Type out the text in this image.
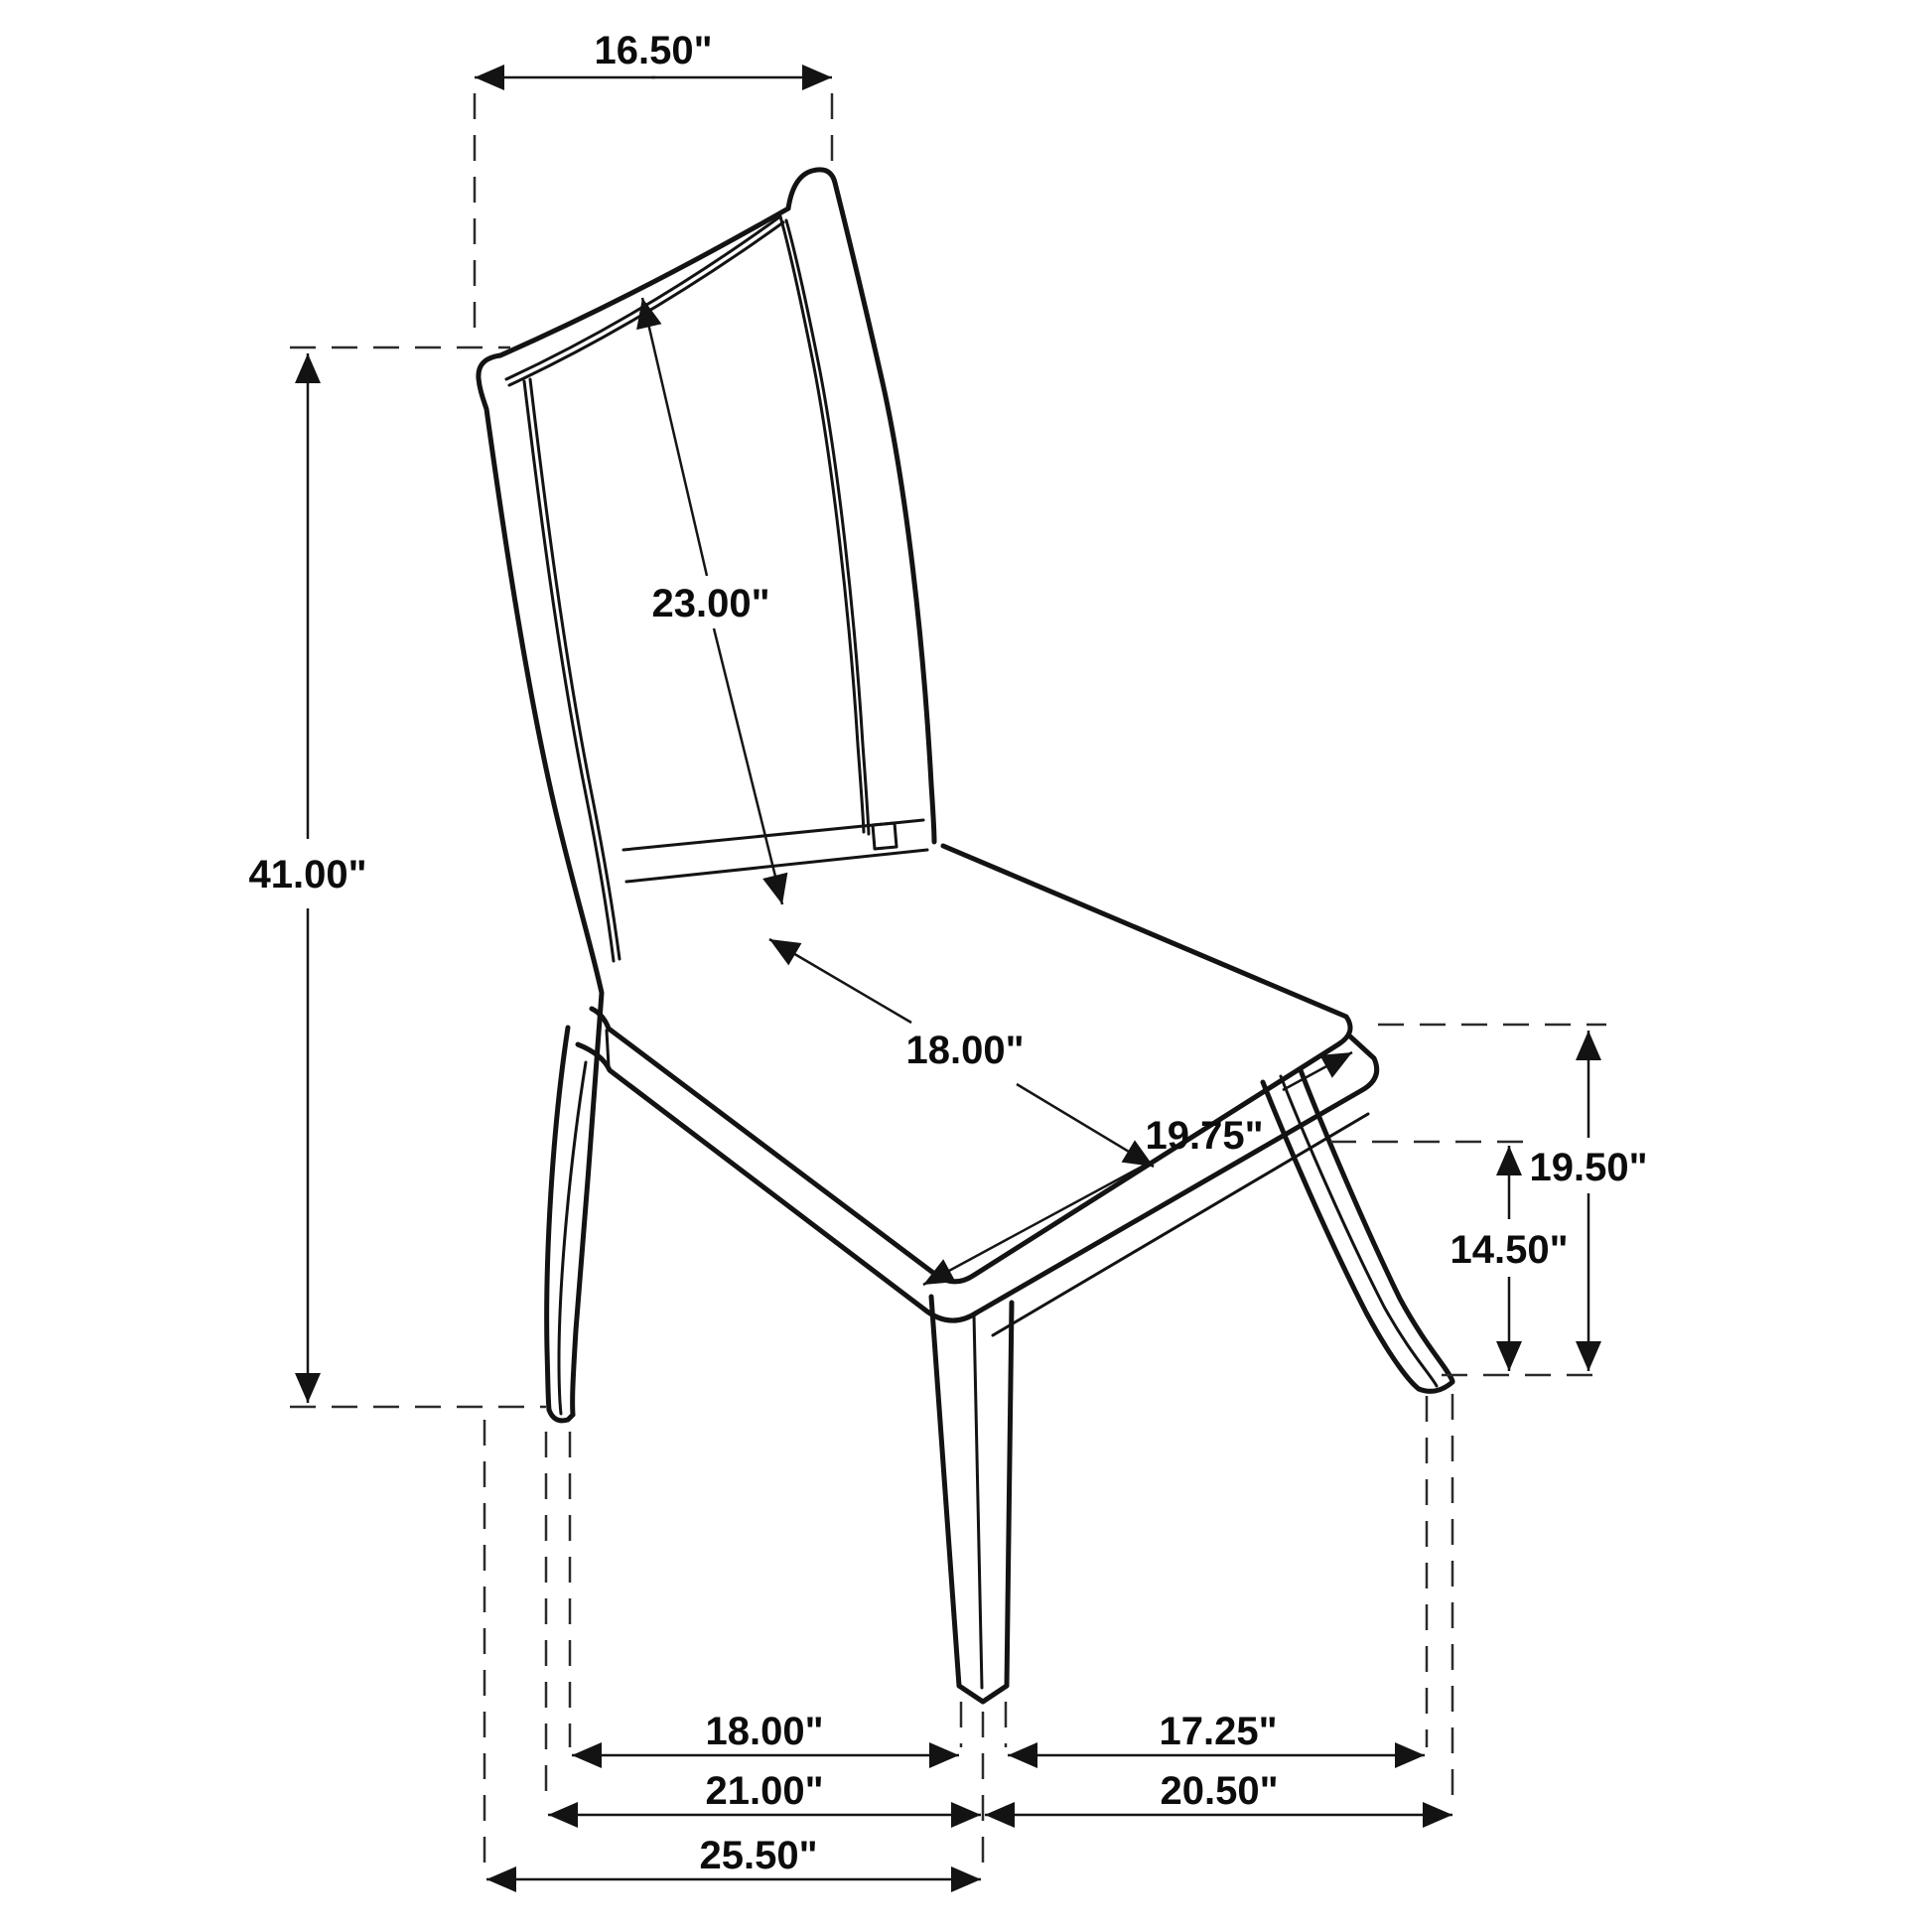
16.50"
41.00"
23.00"
18.00"
19.75"
19.50"
14.50"
18.00"	17.25"
21.00"	20.50"
25.50"
